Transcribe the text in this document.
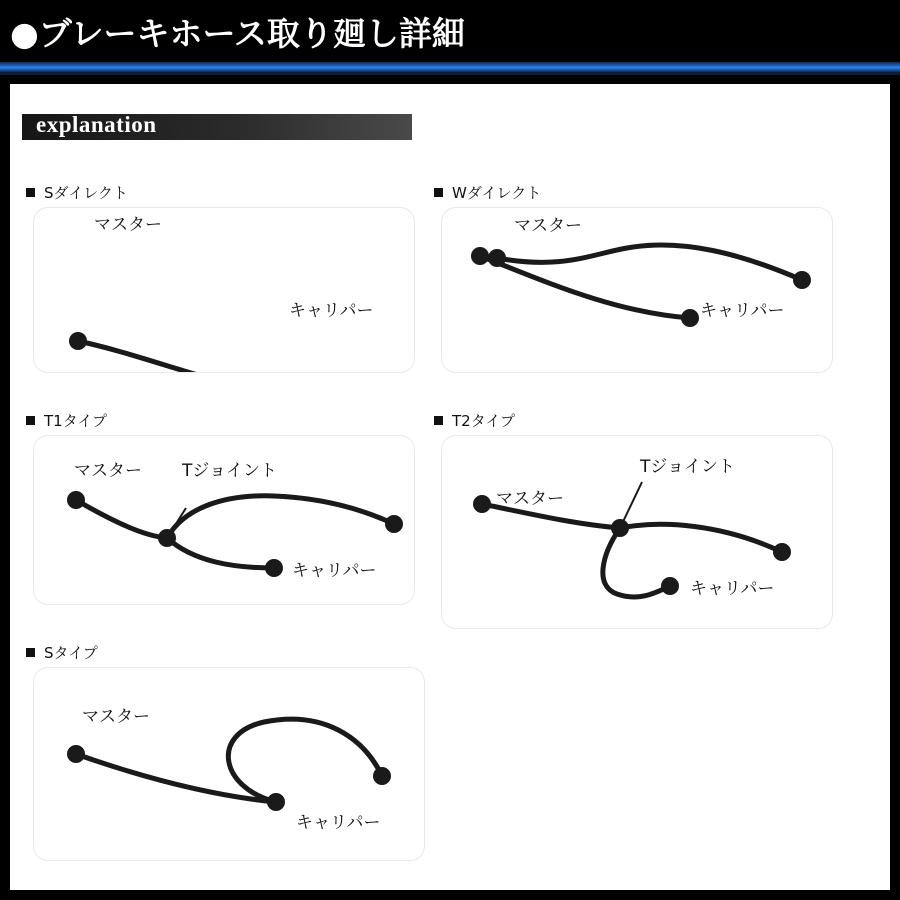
●ブレーキホース取り廻し詳細
explanation
Sダイレクト
マスター
キャリパー
Wダイレクト
マスター
キャリパー
T1タイプ
マスター Tジョイント
キャリパー
T2タイプ
マスター
Tジョイント
キャリパー
Sタイプ
マスター
キャリパー
